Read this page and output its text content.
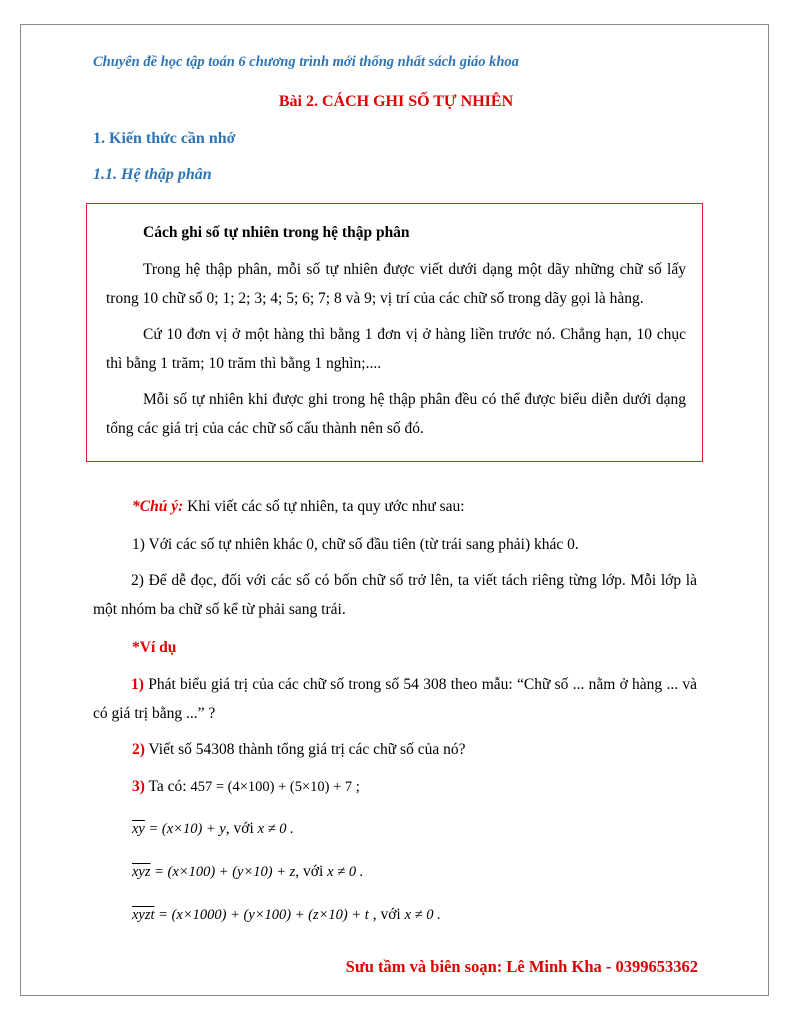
Chuyên đề học tập toán 6 chương trình mới thống nhất sách giáo khoa
Bài 2. CÁCH GHI SỐ TỰ NHIÊN
1. Kiến thức cần nhớ
1.1. Hệ thập phân

Cách ghi số tự nhiên trong hệ thập phân

Trong hệ thập phân, mỗi số tự nhiên được viết dưới dạng một dãy những chữ số lấy trong 10 chữ số 0; 1; 2; 3; 4; 5; 6; 7; 8 và 9; vị trí của các chữ số trong dãy gọi là hàng.

Cứ 10 đơn vị ở một hàng thì bằng 1 đơn vị ở hàng liền trước nó. Chẳng hạn, 10 chục thì bằng 1 trăm; 10 trăm thì bằng 1 nghìn;....

Mỗi số tự nhiên khi được ghi trong hệ thập phân đều có thể được biểu diễn dưới dạng tổng các giá trị của các chữ số cấu thành nên số đó.

*Chú ý: Khi viết các số tự nhiên, ta quy ước như sau:

1) Với các số tự nhiên khác 0, chữ số đầu tiên (từ trái sang phải) khác 0.

2) Để dễ đọc, đối với các số có bốn chữ số trở lên, ta viết tách riêng từng lớp. Mỗi lớp là một nhóm ba chữ số kể từ phải sang trái.

*Ví dụ

1) Phát biểu giá trị của các chữ số trong số 54 308 theo mẫu: “Chữ số ... nằm ở hàng ... và có giá trị bằng ...” ?

2) Viết số 54308 thành tổng giá trị các chữ số của nó?

3) Ta có: 457 = (4×100) + (5×10) + 7 ;

$\overline{xy} = (x\times 10) + y$, với x ≠ 0 .

$\overline{xyz} = (x\times 100) + (y\times 10) + z$, với x ≠ 0 .

xyzt = (x×1000) + (y×100) + (z×10) + t , với x ≠ 0 .

Sưu tầm và biên soạn: Lê Minh Kha - 0399653362
